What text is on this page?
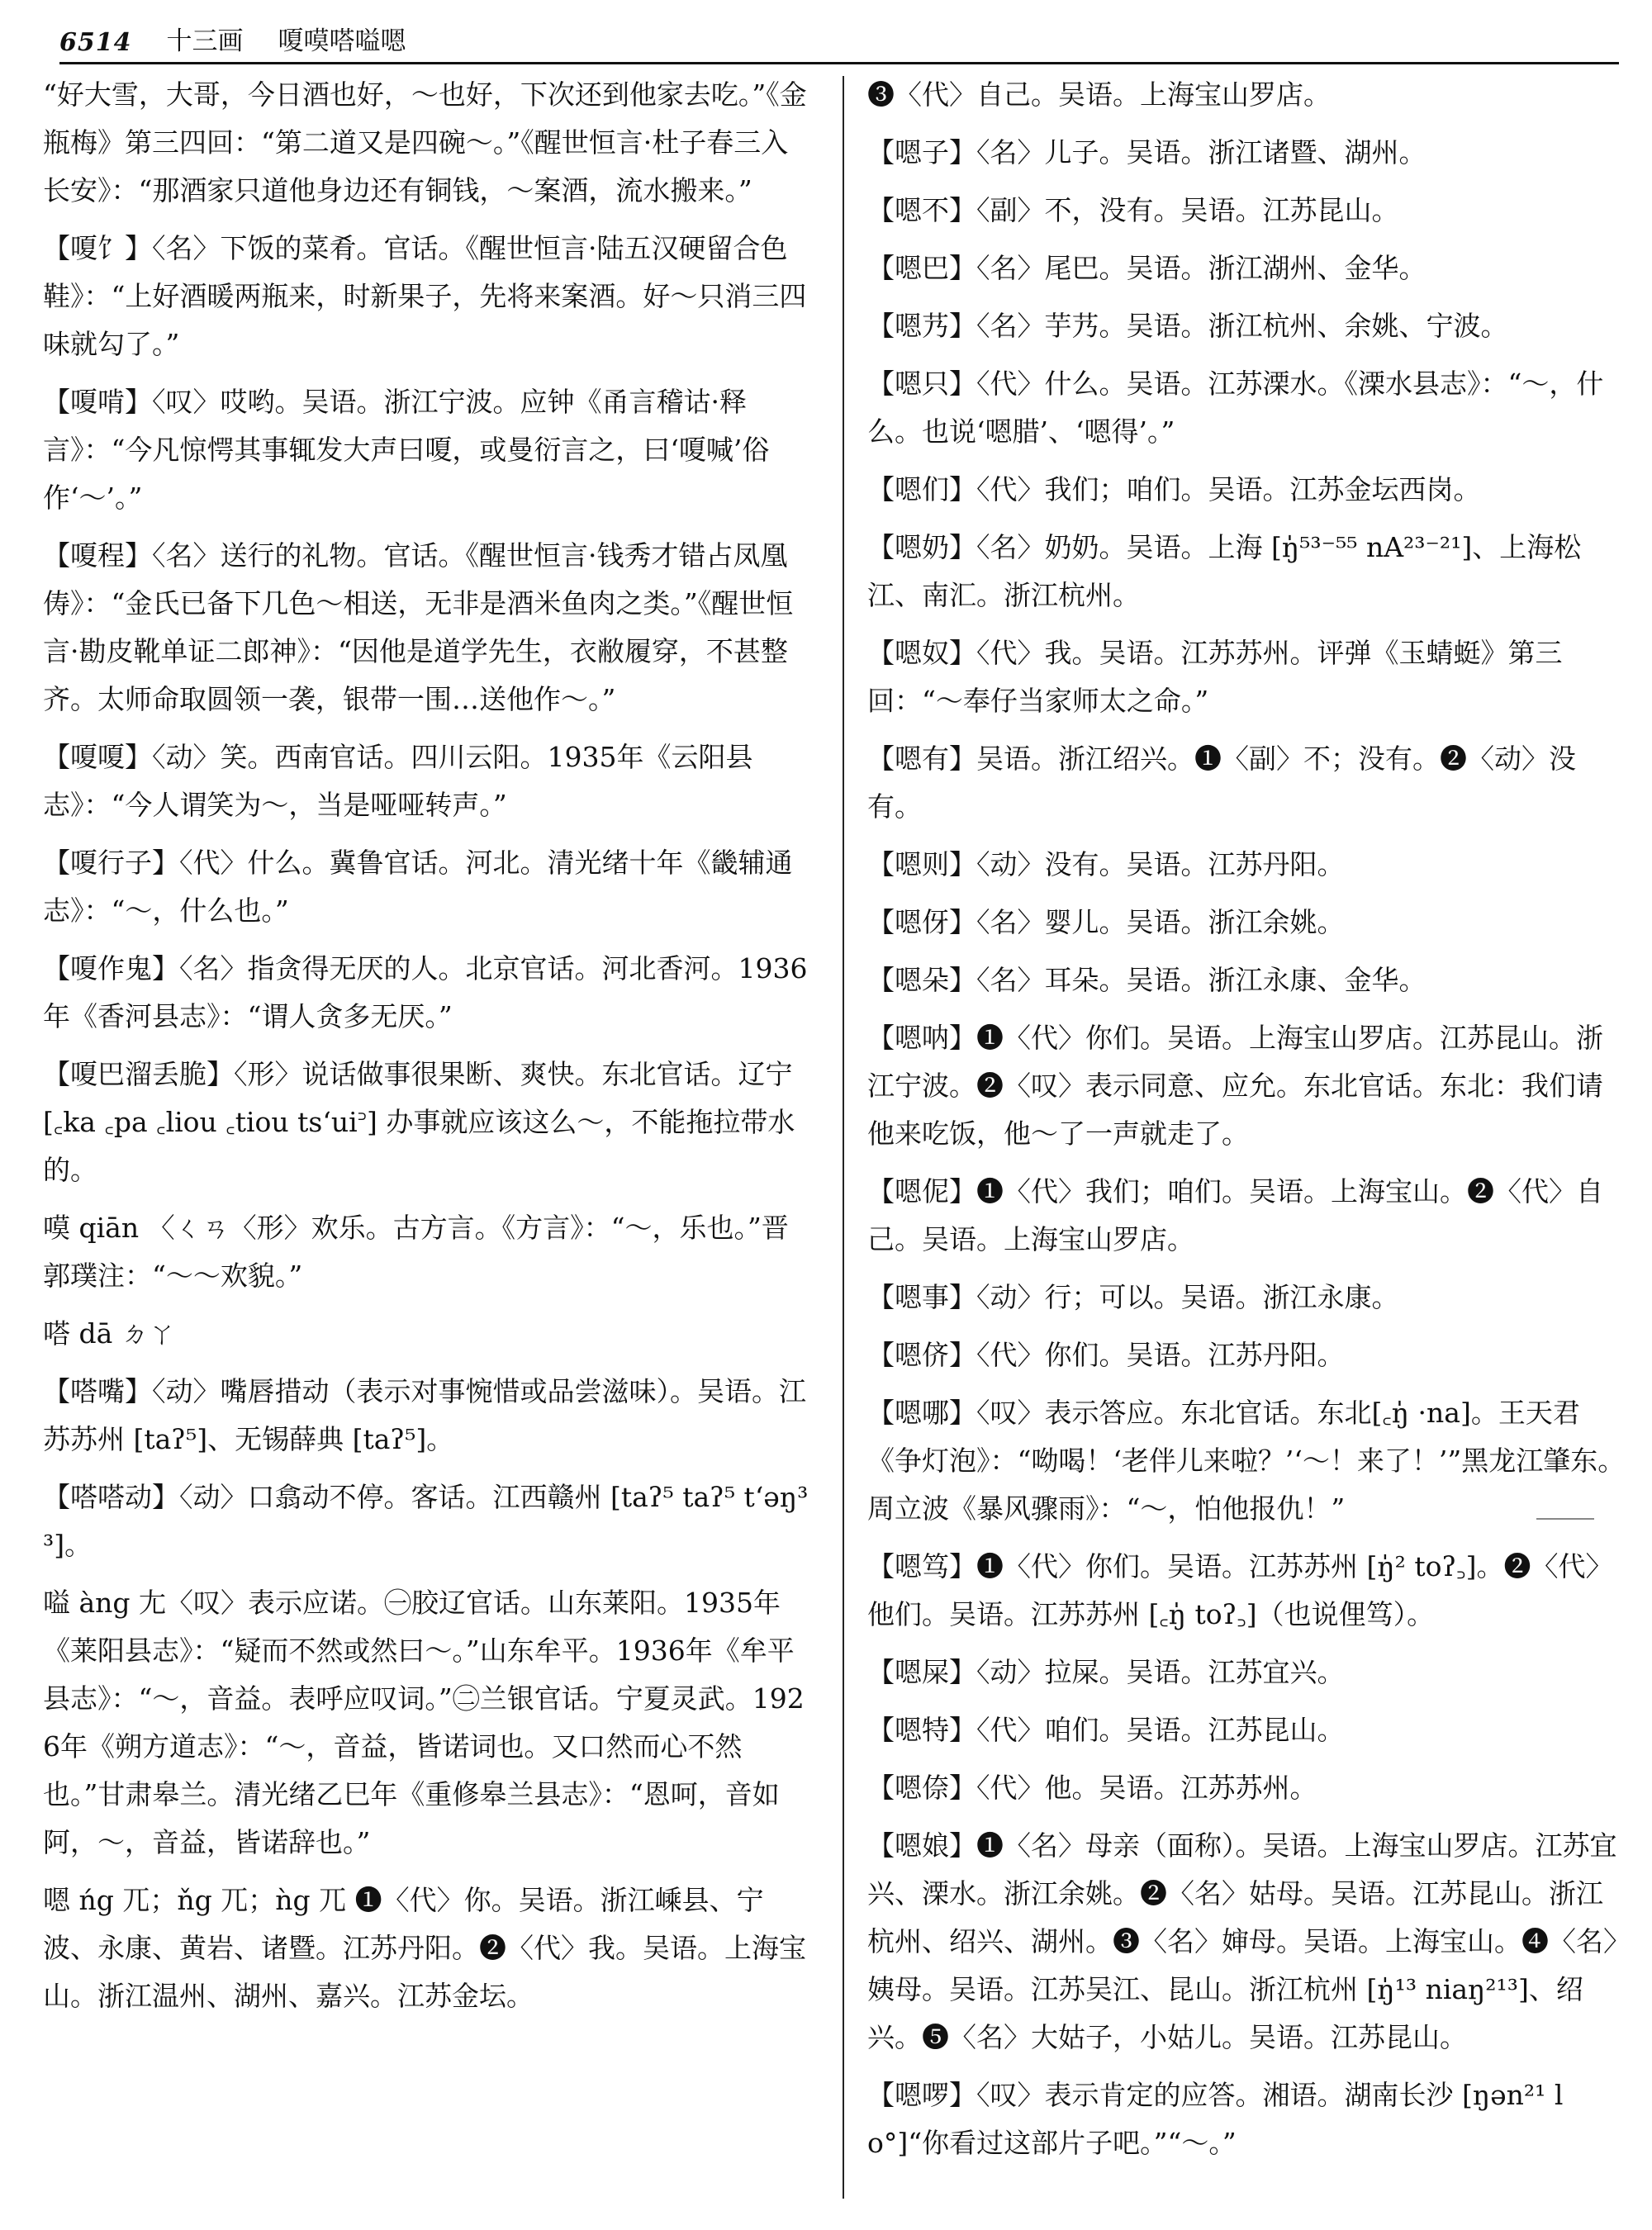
6514 十三画 嗄嗼嗒嗌嗯

“好大雪，大哥，今日酒也好，～也好，下次还到他家去吃。”《金瓶梅》第三四回：“第二道又是四碗～。”《醒世恒言·杜子春三入长安》：“那酒家只道他身边还有铜钱，～案酒，流水搬来。”

【嗄饣】〈名〉下饭的菜肴。官话。《醒世恒言·陆五汉硬留合色鞋》：“上好酒暖两瓶来，时新果子，先将来案酒。好～只消三四味就勾了。”

【嗄啃】〈叹〉哎哟。吴语。浙江宁波。应钟《甬言稽诂·释言》：“今凡惊愕其事辄发大声曰嗄，或曼衍言之，曰‘嗄喊’俗作‘～’。”

【嗄程】〈名〉送行的礼物。官话。《醒世恒言·钱秀才错占凤凰俦》：“金氏已备下几色～相送，无非是酒米鱼肉之类。”《醒世恒言·勘皮靴单证二郎神》：“因他是道学先生，衣敝履穿，不甚整齐。太师命取圆领一袭，银带一围…送他作～。”

【嗄嗄】〈动〉笑。西南官话。四川云阳。1935年《云阳县志》：“今人谓笑为～，当是哑哑转声。”

【嗄行子】〈代〉什么。冀鲁官话。河北。清光绪十年《畿辅通志》：“～，什么也。”

【嗄作鬼】〈名〉指贪得无厌的人。北京官话。河北香河。1936年《香河县志》：“谓人贪多无厌。”

【嗄巴溜丢脆】〈形〉说话做事很果断、爽快。东北官话。辽宁 [꜀ka ꜀pa ꜀liou ꜀tiou ts‘ui꜄] 办事就应该这么～，不能拖拉带水的。

嗼 qiān 〈ㄑㄢ〈形〉欢乐。古方言。《方言》：“～，乐也。”晋郭璞注：“～～欢貌。”

嗒 dā ㄉㄚ

【嗒嘴】〈动〉嘴唇措动（表示对事惋惜或品尝滋味）。吴语。江苏苏州 [taʔ⁵]、无锡薛典 [taʔ⁵]。

【嗒嗒动】〈动〉口翕动不停。客话。江西赣州 [taʔ⁵ taʔ⁵ t‘əŋ³³]。

嗌 àng 尢〈叹〉表示应诺。㊀胶辽官话。山东莱阳。1935年《莱阳县志》：“疑而不然或然曰～。”山东牟平。1936年《牟平县志》：“～，音益。表呼应叹词。”㊁兰银官话。宁夏灵武。1926年《朔方道志》：“～，音益，皆诺词也。又口然而心不然也。”甘肃皋兰。清光绪乙巳年《重修皋兰县志》：“恩呵，音如阿，～，音益，皆诺辞也。”

嗯 ńg 兀；ňg 兀；ǹg 兀 ❶〈代〉你。吴语。浙江嵊县、宁波、永康、黄岩、诸暨。江苏丹阳。❷〈代〉我。吴语。上海宝山。浙江温州、湖州、嘉兴。江苏金坛。

❸〈代〉自己。吴语。上海宝山罗店。

【嗯子】〈名〉儿子。吴语。浙江诸暨、湖州。

【嗯不】〈副〉不，没有。吴语。江苏昆山。

【嗯巴】〈名〉尾巴。吴语。浙江湖州、金华。

【嗯艿】〈名〉芋艿。吴语。浙江杭州、余姚、宁波。

【嗯只】〈代〉什么。吴语。江苏溧水。《溧水县志》：“～，什么。也说‘嗯腊’、‘嗯得’。”

【嗯们】〈代〉我们；咱们。吴语。江苏金坛西岗。

【嗯奶】〈名〉奶奶。吴语。上海 [ŋ̍⁵³⁻⁵⁵ nA²³⁻²¹]、上海松江、南汇。浙江杭州。

【嗯奴】〈代〉我。吴语。江苏苏州。评弹《玉蜻蜓》第三回：“～奉仔当家师太之命。”

【嗯有】吴语。浙江绍兴。❶〈副〉不；没有。❷〈动〉没有。

【嗯则】〈动〉没有。吴语。江苏丹阳。

【嗯伢】〈名〉婴儿。吴语。浙江余姚。

【嗯朵】〈名〉耳朵。吴语。浙江永康、金华。

【嗯呐】❶〈代〉你们。吴语。上海宝山罗店。江苏昆山。浙江宁波。❷〈叹〉表示同意、应允。东北官话。东北：我们请他来吃饭，他～了一声就走了。

【嗯伲】❶〈代〉我们；咱们。吴语。上海宝山。❷〈代〉自己。吴语。上海宝山罗店。

【嗯事】〈动〉行；可以。吴语。浙江永康。

【嗯侪】〈代〉你们。吴语。江苏丹阳。

【嗯哪】〈叹〉表示答应。东北官话。东北[꜀ŋ̍ ·na]。王天君《争灯泡》：“呦喝！‘老伴儿来啦？’‘～！来了！’”黑龙江肇东。周立波《暴风骤雨》：“～，怕他报仇！”

【嗯笃】❶〈代〉你们。吴语。江苏苏州 [ŋ̍² toʔ꜆]。❷〈代〉他们。吴语。江苏苏州 [꜀ŋ̍ toʔ꜆]（也说俚笃）。

【嗯屎】〈动〉拉屎。吴语。江苏宜兴。

【嗯特】〈代〉咱们。吴语。江苏昆山。

【嗯倷】〈代〉他。吴语。江苏苏州。

【嗯娘】❶〈名〉母亲（面称）。吴语。上海宝山罗店。江苏宜兴、溧水。浙江余姚。❷〈名〉姑母。吴语。江苏昆山。浙江杭州、绍兴、湖州。❸〈名〉婶母。吴语。上海宝山。❹〈名〉姨母。吴语。江苏吴江、昆山。浙江杭州 [ŋ̍¹³ niaŋ²¹³]、绍兴。❺〈名〉大姑子，小姑儿。吴语。江苏昆山。

【嗯啰】〈叹〉表示肯定的应答。湘语。湖南长沙 [ŋən²¹ lo°]“你看过这部片子吧。”“～。”
